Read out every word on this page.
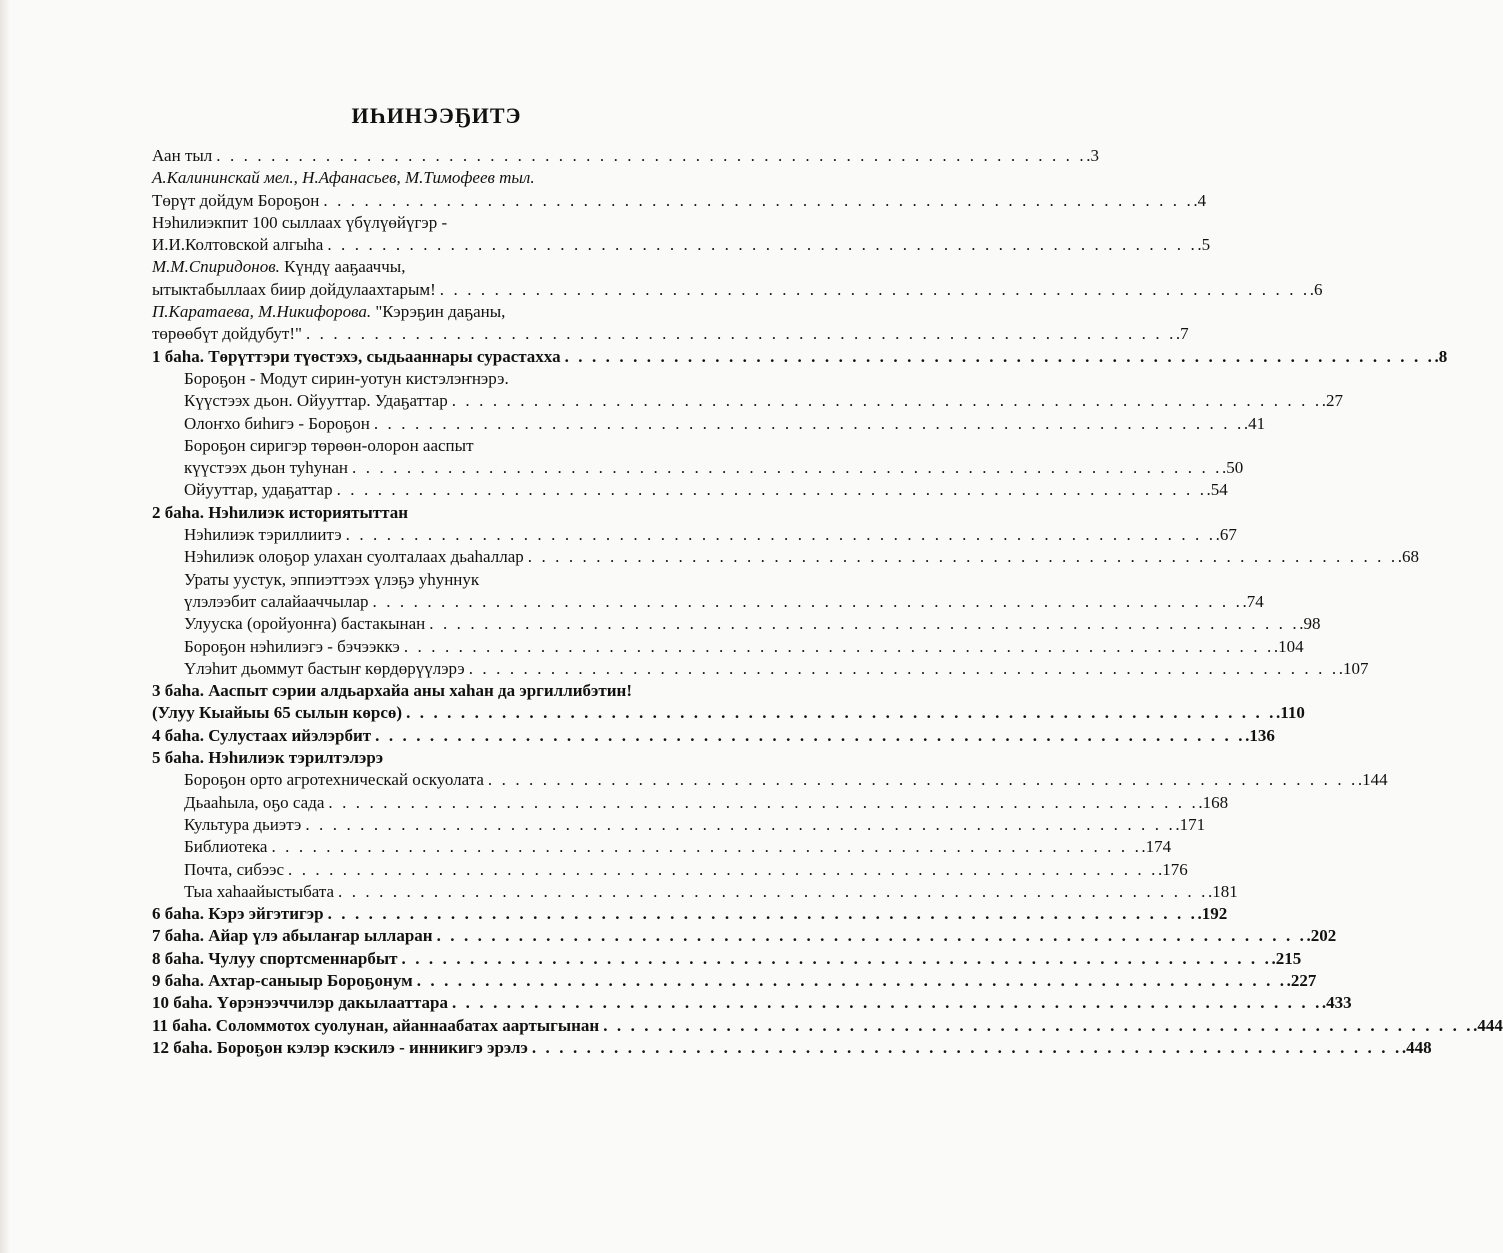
ИҺИНЭЭҔИТЭ
Аан тыл . . . . . . . . . . . . . . . . . . . . . . . . . . . . . . . . . . . . . . . . . . . . . . . . . . . . . . . . . . . . . . . . .3
А.Калининскай мел., Н.Афанасьев, М.Тимофеев тыл.
Төрүт дойдум Бороҕон . . . . . . . . . . . . . . . . . . . . . . . . . . . . . . . . . . . . . . . . . . . . . . . . . . . . . . . . . . . . . . . . .4
Нэһилиэкпит 100 сыллаах үбүлүөйүгэр -
И.И.Колтовской алгыһа . . . . . . . . . . . . . . . . . . . . . . . . . . . . . . . . . . . . . . . . . . . . . . . . . . . . . . . . . . . . . . . . .5
М.М.Спиридонов. Күндү ааҕааччы,
ытыктабыллаах биир дойдулаахтарым! . . . . . . . . . . . . . . . . . . . . . . . . . . . . . . . . . . . . . . . . . . . . . . . . . . . . . . . . . . . . . . . . .6
П.Каратаева, М.Никифорова. "Кэрэҕин даҕаны,
төрөөбүт дойдубут!" . . . . . . . . . . . . . . . . . . . . . . . . . . . . . . . . . . . . . . . . . . . . . . . . . . . . . . . . . . . . . . . . .7
1 баһа. Төрүттэри түөстэхэ, сыдьааннары сурастахха . . . . . . . . . . . . . . . . . . . . . . . . . . . . . . . . . . . . . . . . . . . . . . . . . . . . . . . . . . . . . . . . .8
Бороҕон - Модут сирин-уотун кистэлэҥнэрэ.
Күүстээх дьон. Ойууттар. Удаҕаттар . . . . . . . . . . . . . . . . . . . . . . . . . . . . . . . . . . . . . . . . . . . . . . . . . . . . . . . . . . . . . . . . .27
Олоҥхо биһигэ - Бороҕон . . . . . . . . . . . . . . . . . . . . . . . . . . . . . . . . . . . . . . . . . . . . . . . . . . . . . . . . . . . . . . . . .41
Бороҕон сиригэр төрөөн-олорон ааспыт
күүстээх дьон туһунан . . . . . . . . . . . . . . . . . . . . . . . . . . . . . . . . . . . . . . . . . . . . . . . . . . . . . . . . . . . . . . . . .50
Ойууттар, удаҕаттар . . . . . . . . . . . . . . . . . . . . . . . . . . . . . . . . . . . . . . . . . . . . . . . . . . . . . . . . . . . . . . . . .54
2 баһа. Нэһилиэк историятыттан
Нэһилиэк тэриллиитэ . . . . . . . . . . . . . . . . . . . . . . . . . . . . . . . . . . . . . . . . . . . . . . . . . . . . . . . . . . . . . . . . .67
Нэһилиэк олоҕор улахан суолталаах дьаһаллар . . . . . . . . . . . . . . . . . . . . . . . . . . . . . . . . . . . . . . . . . . . . . . . . . . . . . . . . . . . . . . . . .68
Ураты уустук, эппиэттээх үлэҕэ уһуннук
үлэлээбит салайааччылар . . . . . . . . . . . . . . . . . . . . . . . . . . . . . . . . . . . . . . . . . . . . . . . . . . . . . . . . . . . . . . . . .74
Улууска (оройуонҥа) бастакынан . . . . . . . . . . . . . . . . . . . . . . . . . . . . . . . . . . . . . . . . . . . . . . . . . . . . . . . . . . . . . . . . .98
Бороҕон нэһилиэгэ - бэчээккэ . . . . . . . . . . . . . . . . . . . . . . . . . . . . . . . . . . . . . . . . . . . . . . . . . . . . . . . . . . . . . . . . .104
Үлэһит дьоммут бастыҥ көрдөрүүлэрэ . . . . . . . . . . . . . . . . . . . . . . . . . . . . . . . . . . . . . . . . . . . . . . . . . . . . . . . . . . . . . . . . .107
3 баһа. Ааспыт сэрии алдьархайа аны хаһан да эргиллибэтин!
(Улуу Кыайыы 65 сылын көрсө) . . . . . . . . . . . . . . . . . . . . . . . . . . . . . . . . . . . . . . . . . . . . . . . . . . . . . . . . . . . . . . . . .110
4 баһа. Сулустаах ийэлэрбит . . . . . . . . . . . . . . . . . . . . . . . . . . . . . . . . . . . . . . . . . . . . . . . . . . . . . . . . . . . . . . . . .136
5 баһа. Нэһилиэк тэрилтэлэрэ
Бороҕон орто агротехническай оскуолата . . . . . . . . . . . . . . . . . . . . . . . . . . . . . . . . . . . . . . . . . . . . . . . . . . . . . . . . . . . . . . . . .144
Дьааһыла, оҕо сада . . . . . . . . . . . . . . . . . . . . . . . . . . . . . . . . . . . . . . . . . . . . . . . . . . . . . . . . . . . . . . . . .168
Культура дьиэтэ . . . . . . . . . . . . . . . . . . . . . . . . . . . . . . . . . . . . . . . . . . . . . . . . . . . . . . . . . . . . . . . . .171
Библиотека . . . . . . . . . . . . . . . . . . . . . . . . . . . . . . . . . . . . . . . . . . . . . . . . . . . . . . . . . . . . . . . . .174
Почта, сибээс . . . . . . . . . . . . . . . . . . . . . . . . . . . . . . . . . . . . . . . . . . . . . . . . . . . . . . . . . . . . . . . . .176
Тыа хаһаайыстыбата . . . . . . . . . . . . . . . . . . . . . . . . . . . . . . . . . . . . . . . . . . . . . . . . . . . . . . . . . . . . . . . . .181
6 баһа. Кэрэ эйгэтигэр . . . . . . . . . . . . . . . . . . . . . . . . . . . . . . . . . . . . . . . . . . . . . . . . . . . . . . . . . . . . . . . . .192
7 баһа. Айар үлэ абылаҥар ылларан . . . . . . . . . . . . . . . . . . . . . . . . . . . . . . . . . . . . . . . . . . . . . . . . . . . . . . . . . . . . . . . . .202
8 баһа. Чулуу спортсменнарбыт . . . . . . . . . . . . . . . . . . . . . . . . . . . . . . . . . . . . . . . . . . . . . . . . . . . . . . . . . . . . . . . . .215
9 баһа. Ахтар-саныыр Бороҕонум . . . . . . . . . . . . . . . . . . . . . . . . . . . . . . . . . . . . . . . . . . . . . . . . . . . . . . . . . . . . . . . . .227
10 баһа. Үөрэнээччилэр дакылааттара . . . . . . . . . . . . . . . . . . . . . . . . . . . . . . . . . . . . . . . . . . . . . . . . . . . . . . . . . . . . . . . . .433
11 баһа. Соломмотох суолунан, айаннаабатах аартыгынан . . . . . . . . . . . . . . . . . . . . . . . . . . . . . . . . . . . . . . . . . . . . . . . . . . . . . . . . . . . . . . . . .444
12 баһа. Бороҕон кэлэр кэскилэ - инникигэ эрэлэ . . . . . . . . . . . . . . . . . . . . . . . . . . . . . . . . . . . . . . . . . . . . . . . . . . . . . . . . . . . . . . . . .448
